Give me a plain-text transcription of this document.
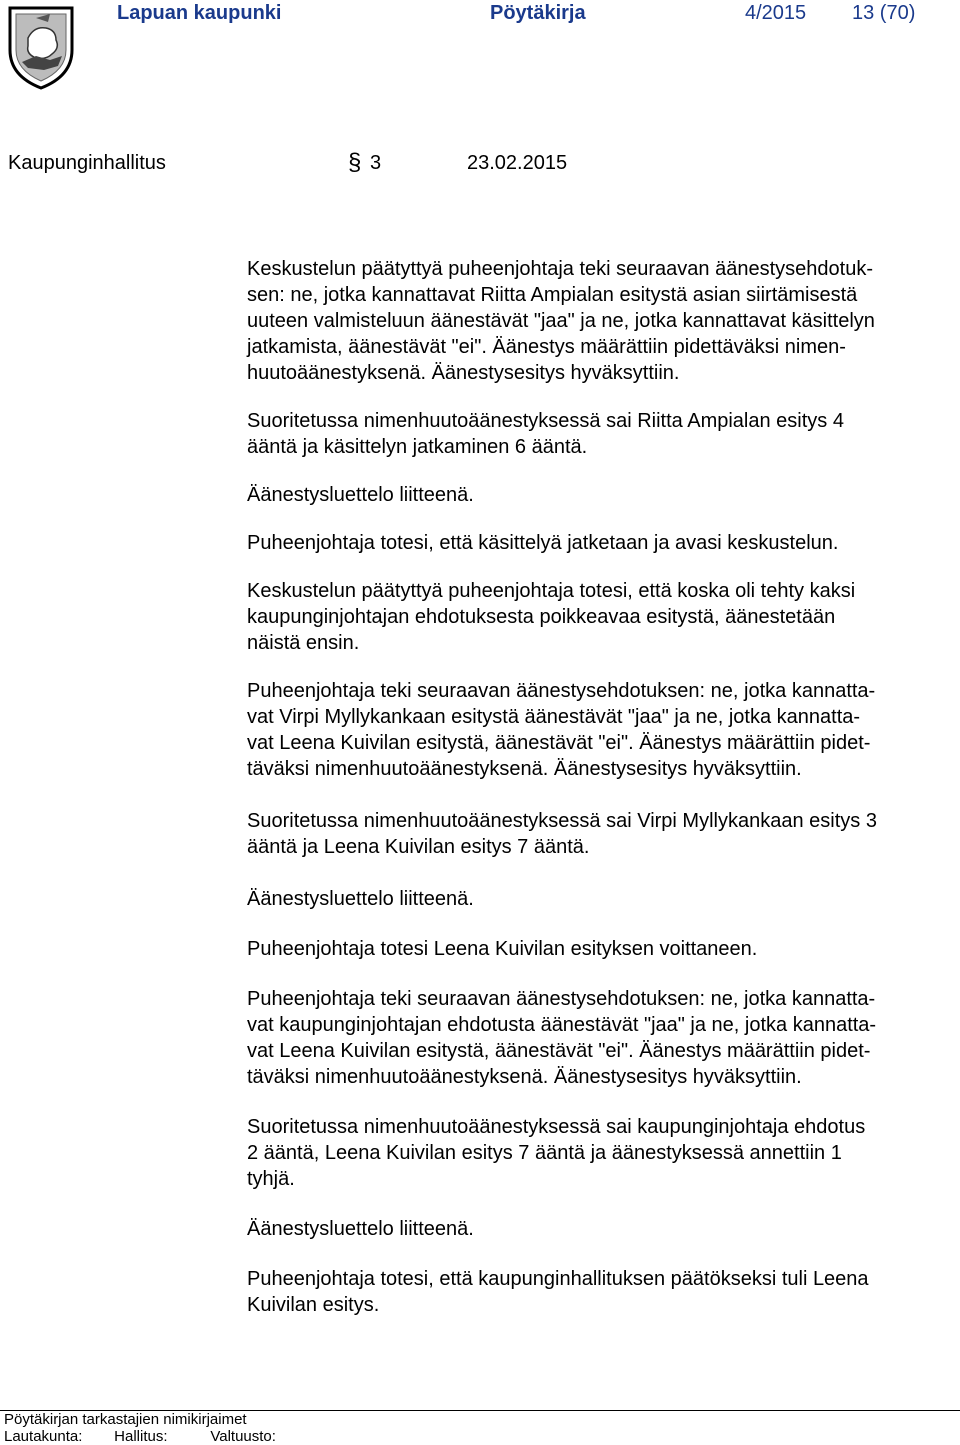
Lapuan kaupunki	Pöytäkirja	4/2015 13 (70)
Kaupunginhallitus	§ 3	23.02.2015

Keskustelun päätyttyä puheenjohtaja teki seuraavan äänestysehdotuk-
sen: ne, jotka kannattavat Riitta Ampialan esitystä asian siirtämisestä
uuteen valmisteluun äänestävät "jaa" ja ne, jotka kannattavat käsittelyn
jatkamista, äänestävät "ei". Äänestys määrättiin pidettäväksi nimen-
huutoäänestyksenä. Äänestysesitys hyväksyttiin.

Suoritetussa nimenhuutoäänestyksessä sai Riitta Ampialan esitys 4
ääntä ja käsittelyn jatkaminen 6 ääntä.

Äänestysluettelo liitteenä.

Puheenjohtaja totesi, että käsittelyä jatketaan ja avasi keskustelun.

Keskustelun päätyttyä puheenjohtaja totesi, että koska oli tehty kaksi
kaupunginjohtajan ehdotuksesta poikkeavaa esitystä, äänestetään
näistä ensin.

Puheenjohtaja teki seuraavan äänestysehdotuksen: ne, jotka kannatta-
vat Virpi Myllykankaan esitystä äänestävät "jaa" ja ne, jotka kannatta-
vat Leena Kuivilan esitystä, äänestävät "ei". Äänestys määrättiin pidet-
täväksi nimenhuutoäänestyksenä. Äänestysesitys hyväksyttiin.

Suoritetussa nimenhuutoäänestyksessä sai Virpi Myllykankaan esitys 3
ääntä ja Leena Kuivilan esitys 7 ääntä.

Äänestysluettelo liitteenä.

Puheenjohtaja totesi Leena Kuivilan esityksen voittaneen.

Puheenjohtaja teki seuraavan äänestysehdotuksen: ne, jotka kannatta-
vat kaupunginjohtajan ehdotusta äänestävät "jaa" ja ne, jotka kannatta-
vat Leena Kuivilan esitystä, äänestävät "ei". Äänestys määrättiin pidet-
täväksi nimenhuutoäänestyksenä. Äänestysesitys hyväksyttiin.

Suoritetussa nimenhuutoäänestyksessä sai kaupunginjohtaja ehdotus
2 ääntä, Leena Kuivilan esitys 7 ääntä ja äänestyksessä annettiin 1
tyhjä.

Äänestysluettelo liitteenä.

Puheenjohtaja totesi, että kaupunginhallituksen päätökseksi tuli Leena
Kuivilan esitys.

Pöytäkirjan tarkastajien nimikirjaimet
Lautakunta: Hallitus:	Valtuusto:
